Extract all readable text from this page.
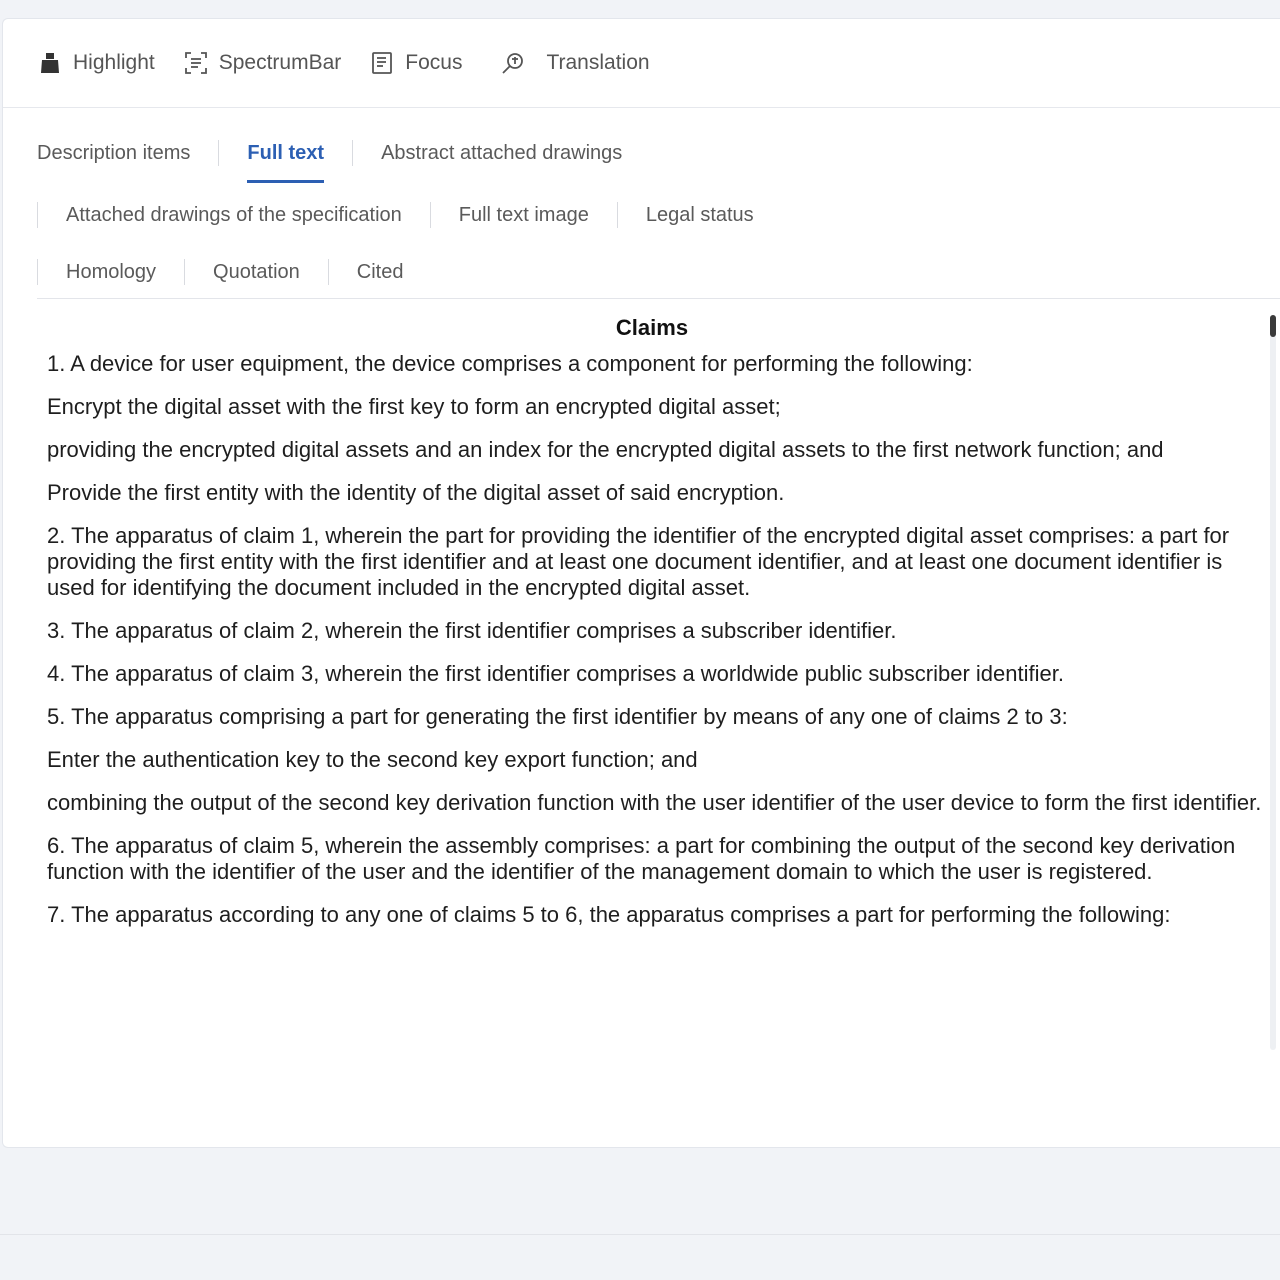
Highlight	SpectrumBar	Focus	Translation
Description items	Full text	Abstract attached drawings
Attached drawings of the specification	Full text image	Legal status
Homology	Quotation	Cited
Claims

1. A device for user equipment, the device comprises a component for performing the following:

Encrypt the digital asset with the first key to form an encrypted digital asset;

providing the encrypted digital assets and an index for the encrypted digital assets to the first network function; and

Provide the first entity with the identity of the digital asset of said encryption.

2. The apparatus of claim 1, wherein the part for providing the identifier of the encrypted digital asset comprises: a part for providing the first entity with the first identifier and at least one document identifier, and at least one document identifier is used for identifying the document included in the encrypted digital asset.

3. The apparatus of claim 2, wherein the first identifier comprises a subscriber identifier.

4. The apparatus of claim 3, wherein the first identifier comprises a worldwide public subscriber identifier.

5. The apparatus comprising a part for generating the first identifier by means of any one of claims 2 to 3:

Enter the authentication key to the second key export function; and

combining the output of the second key derivation function with the user identifier of the user device to form the first identifier.

6. The apparatus of claim 5, wherein the assembly comprises: a part for combining the output of the second key derivation function with the identifier of the user and the identifier of the management domain to which the user is registered.

7. The apparatus according to any one of claims 5 to 6, the apparatus comprises a part for performing the following:
